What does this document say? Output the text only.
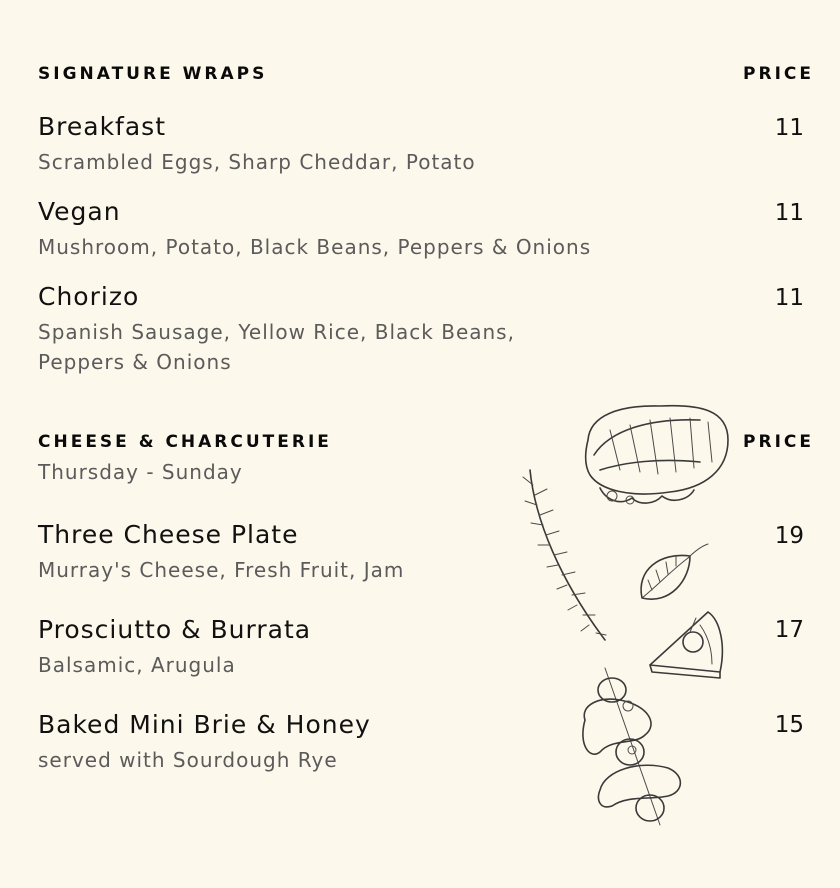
SIGNATURE WRAPS	PRICE
Breakfast	11
Scrambled Eggs, Sharp Cheddar, Potato
Vegan	11
Mushroom, Potato, Black Beans, Peppers & Onions
Chorizo	11
Spanish Sausage, Yellow Rice, Black Beans, Peppers & Onions
CHEESE & CHARCUTERIE	PRICE
Thursday - Sunday
Three Cheese Plate	19
Murray's Cheese, Fresh Fruit, Jam
Prosciutto & Burrata	17
Balsamic, Arugula
Baked Mini Brie & Honey	15
served with Sourdough Rye
